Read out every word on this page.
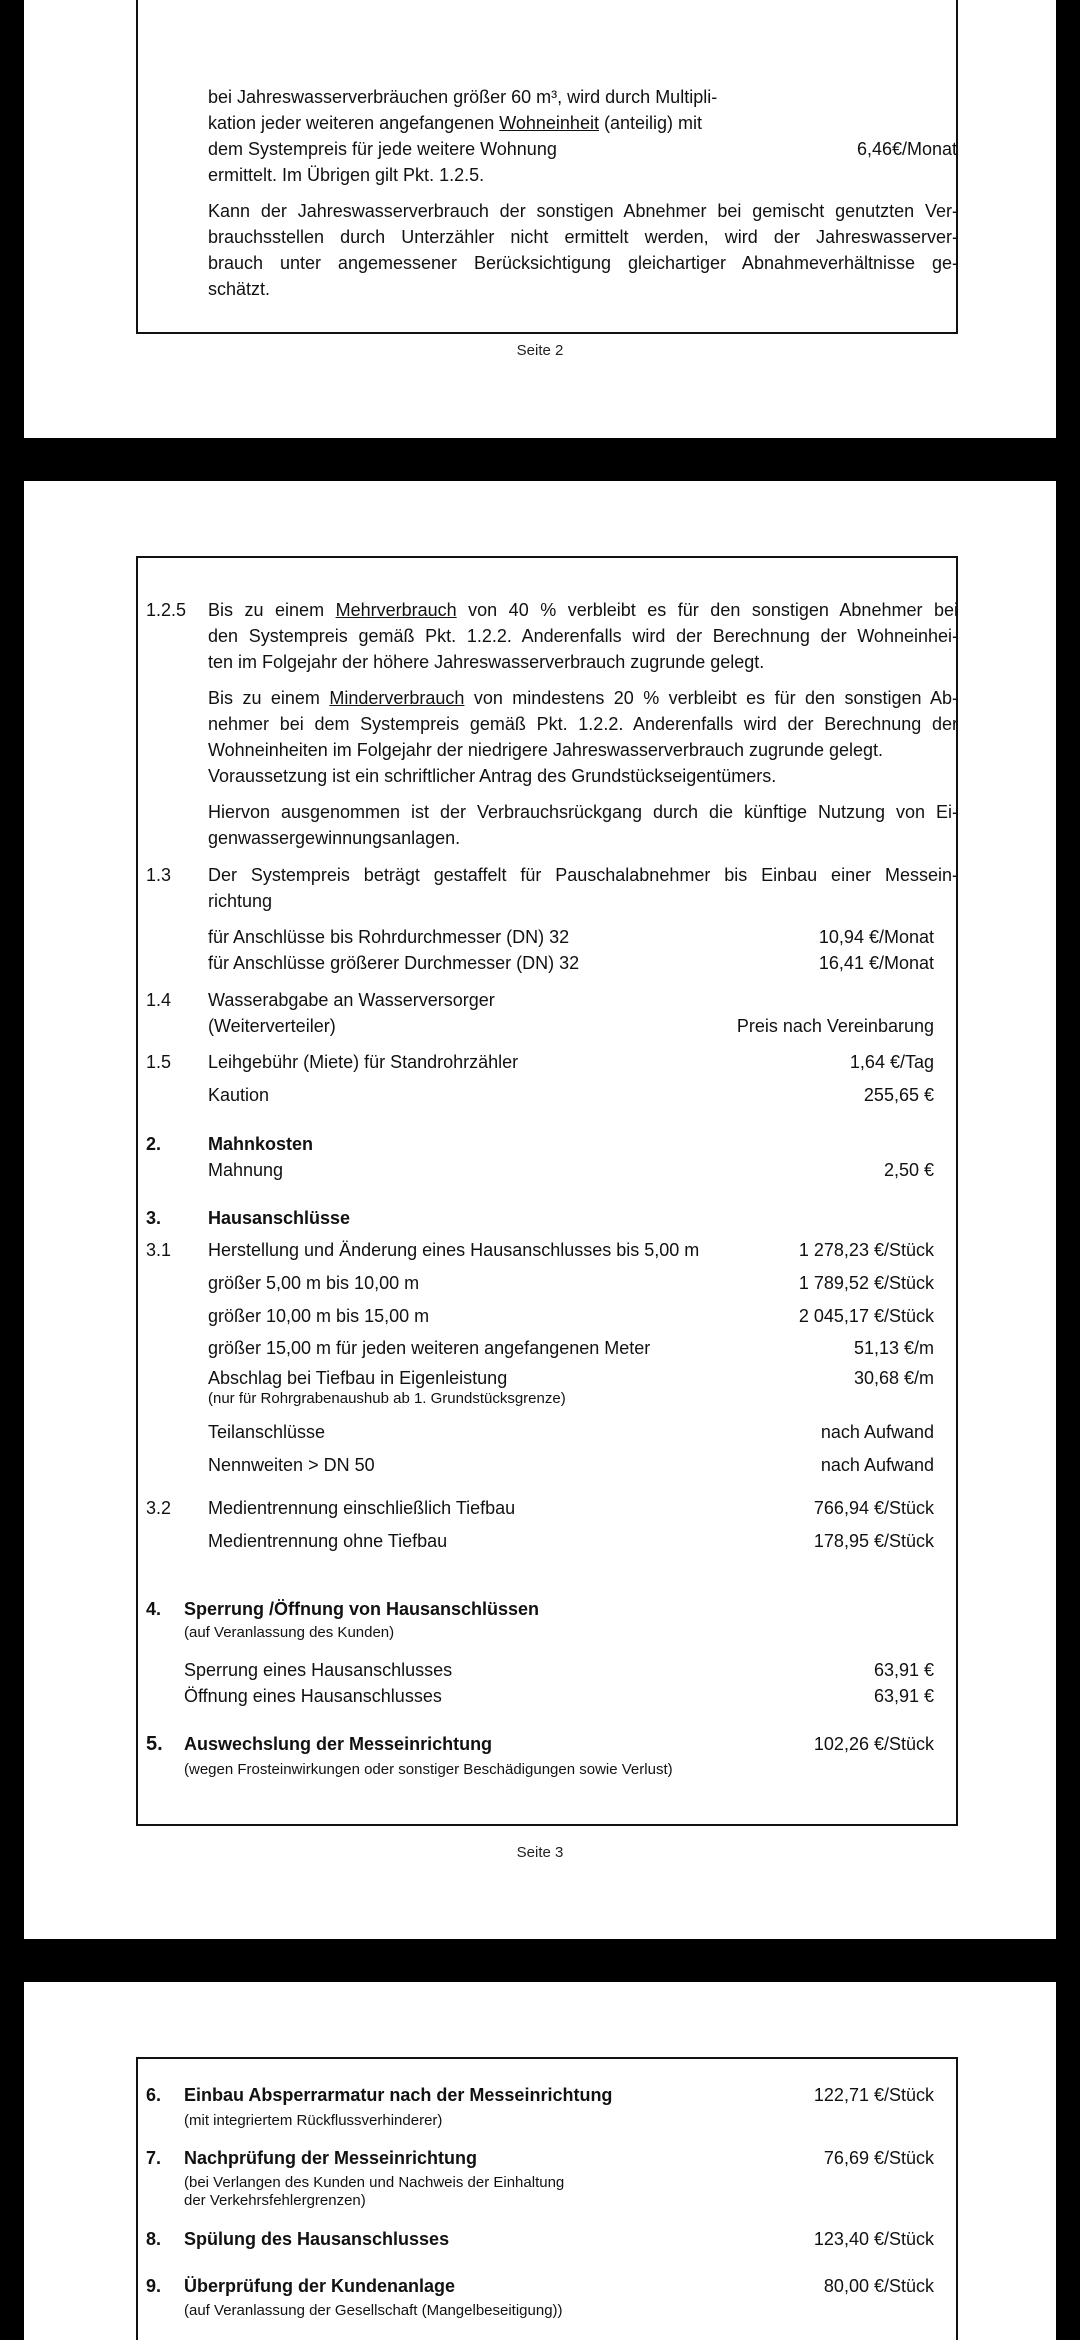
bei Jahreswasserverbräuchen größer 60 m³, wird durch Multipli-
kation jeder weiteren angefangenen Wohneinheit (anteilig) mit
dem Systempreis für jede weitere Wohnung	6,46 €/Monat
ermittelt. Im Übrigen gilt Pkt. 1.2.5.
Kann der Jahreswasserverbrauch der sonstigen Abnehmer bei gemischt genutzten Ver-
brauchsstellen durch Unterzähler nicht ermittelt werden, wird der Jahreswasserver-
brauch unter angemessener Berücksichtigung gleichartiger Abnahmeverhältnisse ge-
schätzt.
Seite 2
1.2.5 Bis zu einem Mehrverbrauch von 40 % verbleibt es für den sonstigen Abnehmer bei
den Systempreis gemäß Pkt. 1.2.2. Anderenfalls wird der Berechnung der Wohneinhei-
ten im Folgejahr der höhere Jahreswasserverbrauch zugrunde gelegt.
Bis zu einem Minderverbrauch von mindestens 20 % verbleibt es für den sonstigen Ab-
nehmer bei dem Systempreis gemäß Pkt. 1.2.2. Anderenfalls wird der Berechnung der
Wohneinheiten im Folgejahr der niedrigere Jahreswasserverbrauch zugrunde gelegt.
Voraussetzung ist ein schriftlicher Antrag des Grundstückseigentümers.
Hiervon ausgenommen ist der Verbrauchsrückgang durch die künftige Nutzung von Ei-
genwassergewinnungsanlagen.
1.3 Der Systempreis beträgt gestaffelt für Pauschalabnehmer bis Einbau einer Messein-
richtung
für Anschlüsse bis Rohrdurchmesser (DN) 32	10,94 €/Monat
für Anschlüsse größerer Durchmesser (DN) 32	16,41 €/Monat
1.4 Wasserabgabe an Wasserversorger
(Weiterverteiler)	Preis nach Vereinbarung
1.5 Leihgebühr (Miete) für Standrohrzähler	1,64 €/Tag
Kaution	255,65 €
2.	Mahnkosten
Mahnung	2,50 €
3.	Hausanschlüsse
3.1 Herstellung und Änderung eines Hausanschlusses bis 5,00 m	1 278,23 €/Stück
größer 5,00 m bis 10,00 m	1 789,52 €/Stück
größer 10,00 m bis 15,00 m	2 045,17 €/Stück
größer 15,00 m für jeden weiteren angefangenen Meter	51,13 €/m
Abschlag bei Tiefbau in Eigenleistung	30,68 €/m
(nur für Rohrgrabenaushub ab 1. Grundstücksgrenze)
Teilanschlüsse	nach Aufwand
Nennweiten > DN 50	nach Aufwand
3.2 Medientrennung einschließlich Tiefbau	766,94 €/Stück
Medientrennung ohne Tiefbau	178,95 €/Stück
4. Sperrung /Öffnung von Hausanschlüssen
(auf Veranlassung des Kunden)
Sperrung eines Hausanschlusses	63,91 €
Öffnung eines Hausanschlusses	63,91 €
5. Auswechslung der Messeinrichtung	102,26 €/Stück
(wegen Frosteinwirkungen oder sonstiger Beschädigungen sowie Verlust)
Seite 3
6. Einbau Absperrarmatur nach der Messeinrichtung	122,71 €/Stück
(mit integriertem Rückflussverhinderer)
7. Nachprüfung der Messeinrichtung	76,69 €/Stück
(bei Verlangen des Kunden und Nachweis der Einhaltung
der Verkehrsfehlergrenzen)
8. Spülung des Hausanschlusses	123,40 €/Stück
9. Überprüfung der Kundenanlage	80,00 €/Stück
(auf Veranlassung der Gesellschaft (Mangelbeseitigung))
